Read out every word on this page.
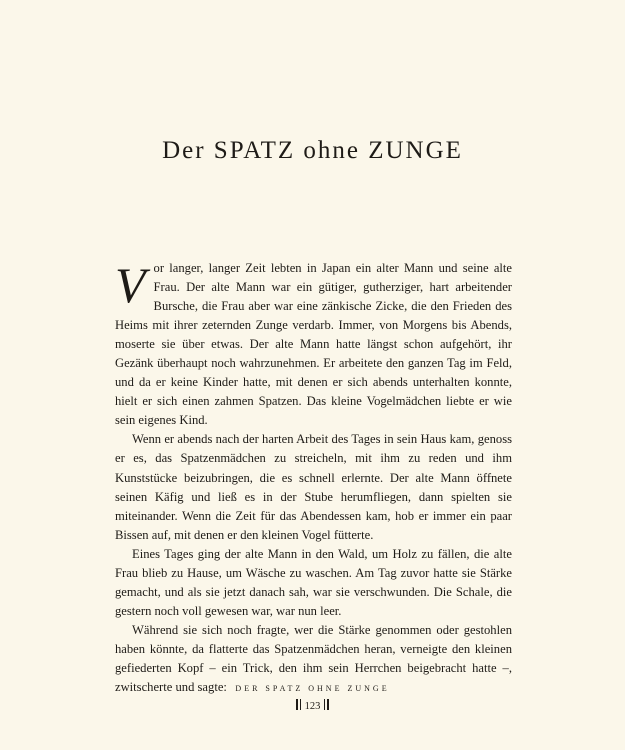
Der SPATZ ohne ZUNGE

Vor langer, langer Zeit lebten in Japan ein alter Mann und seine alte Frau. Der alte Mann war ein gütiger, gutherziger, hart arbeitender Bursche, die Frau aber war eine zänkische Zicke, die den Frieden des Heims mit ihrer zeternden Zunge verdarb. Immer, von Morgens bis Abends, moserte sie über etwas. Der alte Mann hatte längst schon aufgehört, ihr Gezänk überhaupt noch wahrzunehmen. Er arbeitete den ganzen Tag im Feld, und da er keine Kinder hatte, mit denen er sich abends unterhalten konnte, hielt er sich einen zahmen Spatzen. Das kleine Vogelmädchen liebte er wie sein eigenes Kind.

Wenn er abends nach der harten Arbeit des Tages in sein Haus kam, genoss er es, das Spatzenmädchen zu streicheln, mit ihm zu reden und ihm Kunststücke beizubringen, die es schnell erlernte. Der alte Mann öffnete seinen Käfig und ließ es in der Stube herumfliegen, dann spielten sie miteinander. Wenn die Zeit für das Abendessen kam, hob er immer ein paar Bissen auf, mit denen er den kleinen Vogel fütterte.

Eines Tages ging der alte Mann in den Wald, um Holz zu fällen, die alte Frau blieb zu Hause, um Wäsche zu waschen. Am Tag zuvor hatte sie Stärke gemacht, und als sie jetzt danach sah, war sie verschwunden. Die Schale, die gestern noch voll gewesen war, war nun leer.

Während sie sich noch fragte, wer die Stärke genommen oder gestohlen haben könnte, da flatterte das Spatzenmädchen heran, verneigte den kleinen gefiederten Kopf – ein Trick, den ihm sein Herrchen beigebracht hatte –, zwitscherte und sagte:	DER SPATZ OHNE ZUNGE
123
